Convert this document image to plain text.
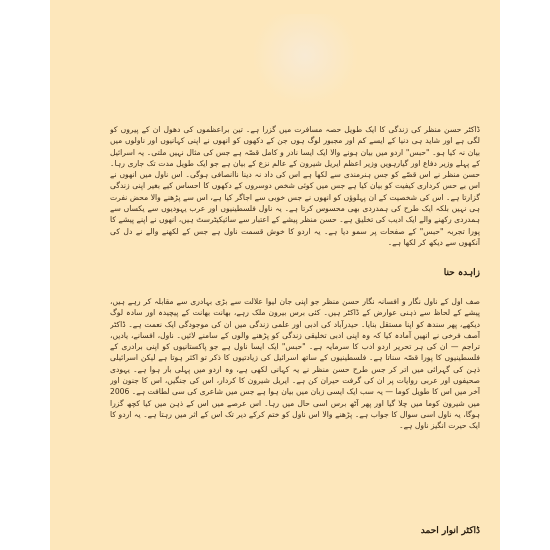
ڈاکٹر حسن منظر کی زندگی کا ایک طویل حصہ مسافرت میں گزرا ہے۔ تین براعظموں کی دھول ان کے پیروں کو لگی ہے اور شاید ہی دنیا کے ایسے کم اور مجبور لوگ ہوں جن کے دکھوں کو انھوں نے اپنی کہانیوں اور ناولوں میں بیان نہ کیا ہو۔ "حبس" اردو میں بیان ہونے والا ایک ایسا نادر و کامل قصّہ ہے جس کی مثال نہیں ملتی۔ یہ اسرائیل کے پہلے وزیر دفاع اور گیارہویں وزیر اعظم ایریل شیرون کے عالم نزع کے بیان ہے جو ایک طویل مدت تک جاری رہا۔ حسن منظر نے اس قصّے کو جس ہنرمندی سے لکھا ہے اس کی داد نہ دینا ناانصافی ہوگی۔ اس ناول میں انھوں نے اس بے حس کرداری کیفیت کو بیان کیا ہے جس میں کوئی شخص دوسروں کے دکھوں کا احساس کیے بغیر اپنی زندگی گزارتا ہے۔ اس کی شخصیت کے ان پہلوؤں کو انھوں نے جس خوبی سے اجاگر کیا ہے، اس سے پڑھنے والا محض نفرت ہی نہیں بلکہ ایک طرح کی ہمدردی بھی محسوس کرتا ہے۔ یہ ناول فلسطینیوں اور عرب یہودیوں سے یکساں سے ہمدردی رکھنے والے ایک ادیب کی تخلیق ہے۔ حسن منظر پیشے کے اعتبار سے سائیکیٹرسٹ ہیں، انھوں نے اپنے پیشے کا پورا تجربہ "حبس" کے صفحات پر سمو دیا ہے۔ یہ اردو کا خوش قسمت ناول ہے جس کے لکھنے والے نے دل کی آنکھوں سے دیکھ کر لکھا ہے۔

زاہدہ حنا

صف اول کے ناول نگار و افسانہ نگار حسن منظر جو اپنی جان لیوا علالت سے بڑی بہادری سے مقابلہ کر رہے ہیں، پیشے کے لحاظ سے ذہنی عوارض کے ڈاکٹر ہیں۔ کئی برس بیرون ملک رہے، بھانت بھانت کے پیچیدہ اور سادہ لوگ دیکھے، پھر سندھ کو اپنا مستقل بنایا۔ حیدرآباد کی ادبی اور علمی زندگی میں ان کی موجودگی ایک نعمت ہے۔ ڈاکٹر آصف فرخی نے انھیں آمادہ کیا کہ وہ اپنی ادبی تخلیقی زندگی کو پڑھنے والوں کے سامنے لائیں۔ ناول، افسانے، یادیں، تراجم — ان کی ہر تحریر اردو ادب کا سرمایہ ہے۔ "حبس" ایک ایسا ناول ہے جو پاکستانیوں کو اپنی برادری کے فلسطینیوں کا پورا قصّہ سناتا ہے۔ فلسطینیوں کے ساتھ اسرائیل کی زیادتیوں کا ذکر تو اکثر ہوتا ہے لیکن اسرائیلی ذہن کی گہرائی میں اتر کر جس طرح حسن منظر نے یہ کہانی لکھی ہے، وہ اردو میں پہلی بار ہوا ہے۔ یہودی صحیفوں اور عربی روایات پر ان کی گرفت حیران کن ہے۔ ایریل شیرون کا کردار، اس کی جنگیں، اس کا جنون اور آخر میں اس کا طویل کوما — یہ سب ایک ایسی زبان میں بیان ہوا ہے جس میں شاعری کی سی لطافت ہے۔ 2006 میں شیرون کوما میں چلا گیا اور پھر آٹھ برس اسی حال میں رہا۔ اس عرصے میں اس کے ذہن میں کیا کچھ گزرا ہوگا، یہ ناول اسی سوال کا جواب ہے۔ پڑھنے والا اس ناول کو ختم کرکے دیر تک اس کے اثر میں رہتا ہے۔ یہ اردو کا ایک حیرت انگیز ناول ہے۔

ڈاکٹر انوار احمد
